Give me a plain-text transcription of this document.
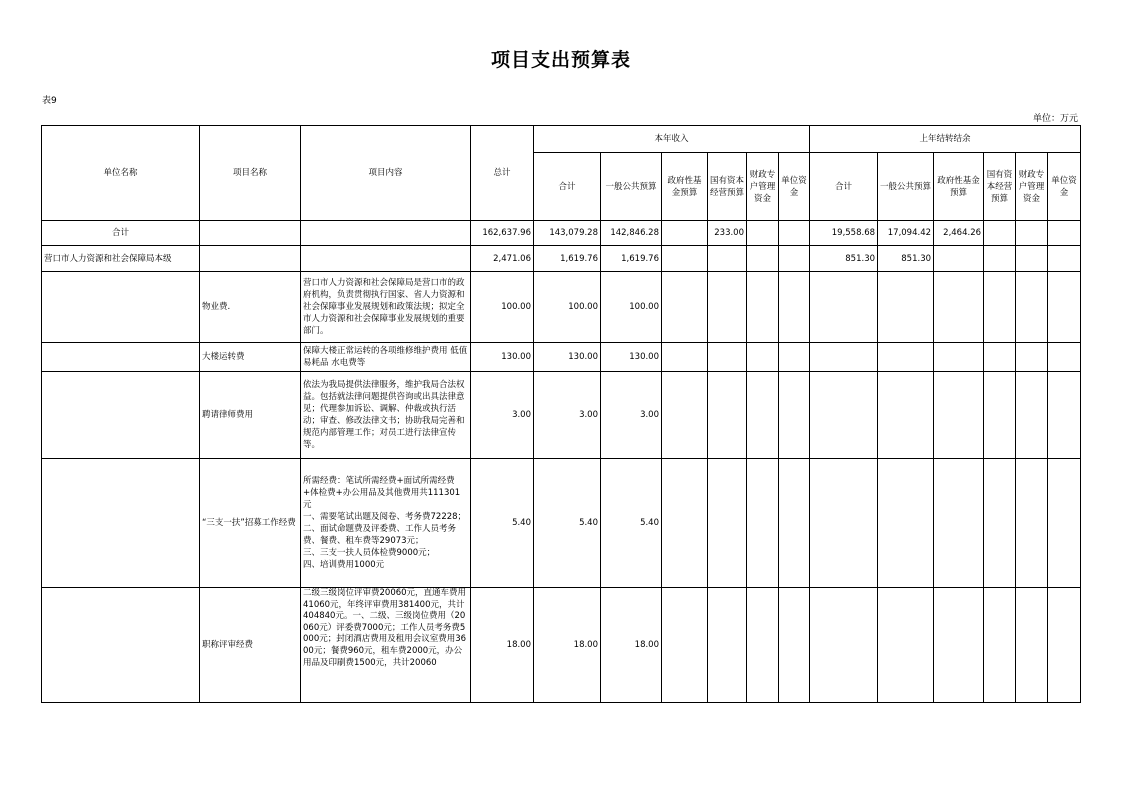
项目支出预算表
表9
单位：万元
单位名称	项目名称	项目内容	总计	本年收入						上年结转结余					
				合计	一般公共预算	政府性基金预算	国有资本经营预算	财政专户管理资金	单位资金	合计	一般公共预算	政府性基金预算	国有资本经营预算	财政专户管理资金	单位资金
合计			162,637.96	143,079.28	142,846.28		233.00			19,558.68	17,094.42	2,464.26			
营口市人力资源和社会保障局本级			2,471.06	1,619.76	1,619.76					851.30	851.30				
	物业费.	营口市人力资源和社会保障局是营口市的政府机构，负责贯彻执行国家、省人力资源和社会保障事业发展规划和政策法规；拟定全市人力资源和社会保障事业发展规划的重要部门。	100.00	100.00	100.00										
	大楼运转费	保障大楼正常运转的各项维修维护费用 低值易耗品 水电费等	130.00	130.00	130.00										
	聘请律师费用	依法为我局提供法律服务，维护我局合法权益。包括就法律问题提供咨询或出具法律意见；代理参加诉讼、调解、仲裁或执行活动；审查、修改法律文书；协助我局完善和规范内部管理工作；对员工进行法律宣传等。	3.00	3.00	3.00										
	“三支一扶”招募工作经费	所需经费：笔试所需经费+面试所需经费+体检费+办公用品及其他费用共111301元
一、需要笔试出题及阅卷、考务费72228；
二、面试命题费及评委费、工作人员考务费、餐费、租车费等29073元；
三、三支一扶人员体检费9000元；
四、培训费用1000元	5.40	5.40	5.40										
	职称评审经费	二级三级岗位评审费20060元，直通车费用41060元，年终评审费用381400元，共计404840元。一、二级、三级岗位费用（20060元）评委费7000元；工作人员考务费5000元；封闭酒店费用及租用会议室费用3600元；餐费960元，租车费2000元，办公用品及印刷费1500元，共计20060	18.00	18.00	18.00										
